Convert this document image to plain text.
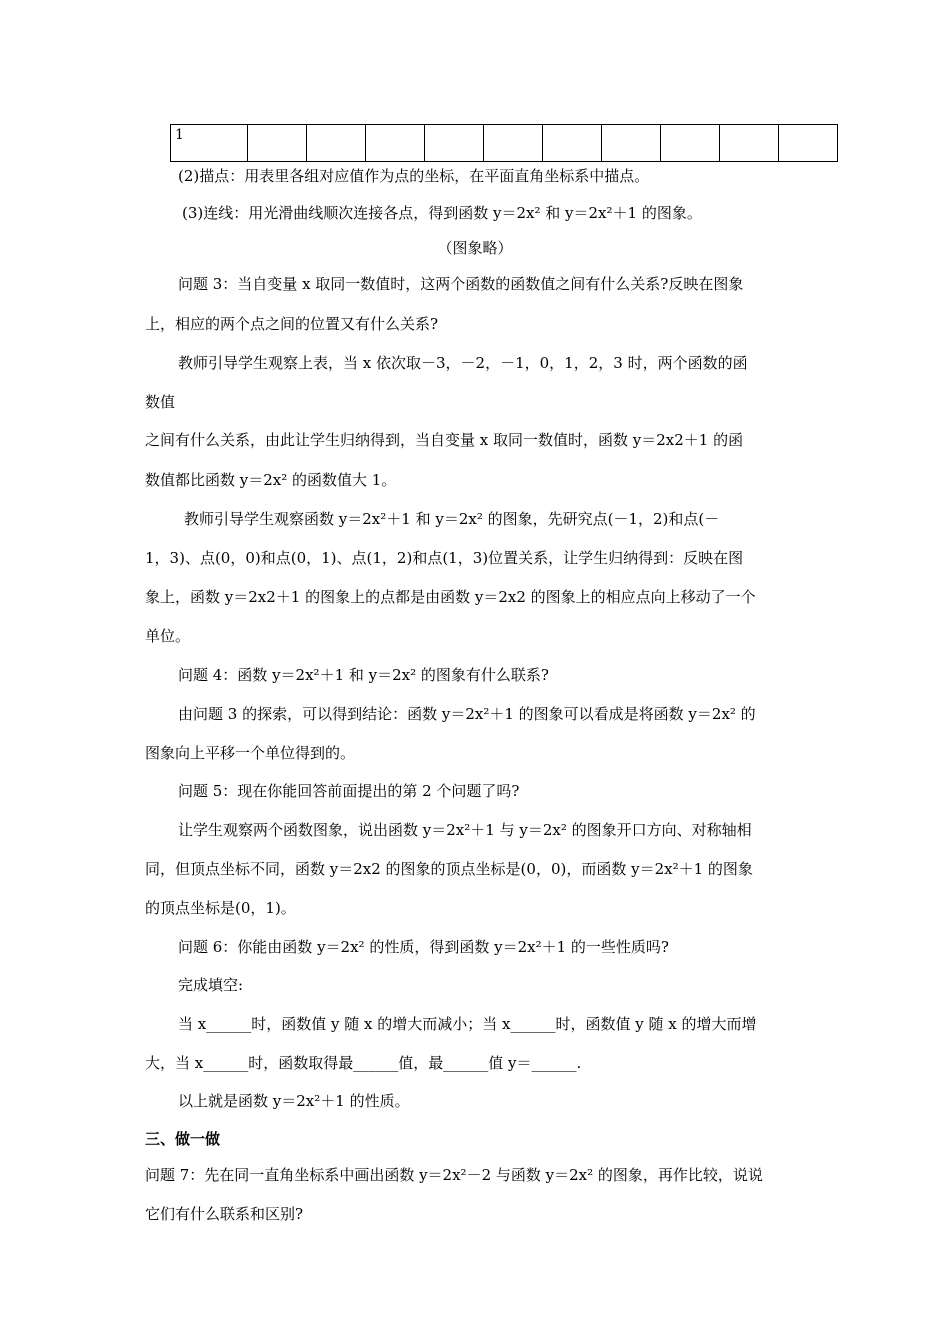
1										
(2)描点：用表里各组对应值作为点的坐标，在平面直角坐标系中描点。
(3)连线：用光滑曲线顺次连接各点，得到函数 y＝2x² 和 y＝2x²＋1 的图象。
（图象略）
问题 3：当自变量 x 取同一数值时，这两个函数的函数值之间有什么关系?反映在图象
上，相应的两个点之间的位置又有什么关系?
教师引导学生观察上表，当 x 依次取－3，－2，－1，0，1，2，3 时，两个函数的函
数值
之间有什么关系，由此让学生归纳得到，当自变量 x 取同一数值时，函数 y＝2x2＋1 的函
数值都比函数 y＝2x² 的函数值大 1。
教师引导学生观察函数 y＝2x²＋1 和 y＝2x² 的图象，先研究点(－1，2)和点(－
1，3)、点(0，0)和点(0，1)、点(1，2)和点(1，3)位置关系，让学生归纳得到：反映在图
象上，函数 y＝2x2＋1 的图象上的点都是由函数 y＝2x2 的图象上的相应点向上移动了一个
单位。
问题 4：函数 y＝2x²＋1 和 y＝2x² 的图象有什么联系?
由问题 3 的探索，可以得到结论：函数 y＝2x²＋1 的图象可以看成是将函数 y＝2x² 的
图象向上平移一个单位得到的。
问题 5：现在你能回答前面提出的第 2 个问题了吗?
让学生观察两个函数图象，说出函数 y＝2x²＋1 与 y＝2x² 的图象开口方向、对称轴相
同，但顶点坐标不同，函数 y＝2x2 的图象的顶点坐标是(0，0)，而函数 y＝2x²＋1 的图象
的顶点坐标是(0，1)。
问题 6：你能由函数 y＝2x² 的性质，得到函数 y＝2x²＋1 的一些性质吗?
完成填空:
当 x______时，函数值 y 随 x 的增大而减小；当 x______时，函数值 y 随 x 的增大而增
大，当 x______时，函数取得最______值，最______值 y＝______.
以上就是函数 y＝2x²＋1 的性质。
三、做一做
问题 7：先在同一直角坐标系中画出函数 y＝2x²－2 与函数 y＝2x² 的图象，再作比较，说说
它们有什么联系和区别?
